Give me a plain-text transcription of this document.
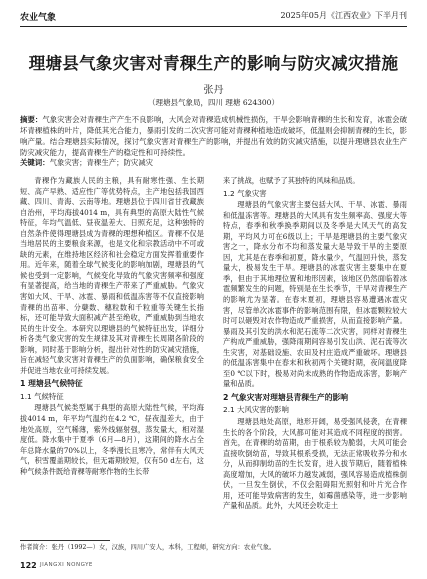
农业气象	2025年05月《江西农业》下半月刊
理塘县气象灾害对青稞生产的影响与防灾减灾措施
张丹
（理塘县气象局，四川 理塘 624300）
摘要：气象灾害会对青稞生产产生不良影响，大风会对青稞造成机械性损伤，干旱会影响青稞的生长和发育，冰雹会破坏青稞植株的叶片，降低其光合能力，暴雨引发的二次灾害可能对青稞种植地造成破坏，低温则会抑制青稞的生长，影响产量。结合理塘县实际情况，探讨气象灾害对青稞生产的影响，并提出有效的防灾减灾措施，以提升理塘县农业生产防灾减灾能力，提高青稞生产的稳定性和可持续性。
关键词：气象灾害；青稞生产；防灾减灾

青稞作为藏族人民的主粮，具有耐寒性强、生长期短、高产早熟、适应性广等优势特点，主产地包括我国西藏、四川、青海、云南等地。理塘县位于四川省甘孜藏族自治州，平均海拔4014 m，具有典型的高原大陆性气候特征，年均气温低、昼夜温差大、日照充足，这种独特的自然条件使得理塘县成为青稞的理想种植区。青稞不仅是当地居民的主要粮食来源，也是文化和宗教活动中不可或缺的元素，在维持地区经济和社会稳定方面发挥着重要作用。近年来，随着全球气候变化的影响加剧，理塘县的气候也受到一定影响，气候变化导致的气象灾害频率和强度有显著提高，给当地的青稞生产带来了严重威胁。气象灾害如大风、干旱、冰雹、暴雨和低温冻害等不仅直接影响青稞的出苗率、分蘖数、穗粒数和千粒重等关键生长指标，还可能导致大面积减产甚至绝收，严重威胁到当地农民的生计安全。本研究以理塘县的气候特征出发，详细分析各类气象灾害的发生规律及其对青稞生长周期各阶段的影响，同时基于影响分析，提出针对性的防灾减灾措施，旨在减轻气象灾害对青稞生产的负面影响，确保粮食安全并促进当地农业可持续发展。

1 理塘县气候特征
1.1 气候特征

理塘县气候类型属于典型的高原大陆性气候，平均海拔4014 m，年平均气温约在4.2 ℃，昼夜温差大，由于地处高原，空气稀薄，紫外线辐射强，蒸发量大，相对湿度低。降水集中于夏季（6月—8月），这期间的降水占全年总降水量的70%以上，冬季漫长且寒冷，常伴有大风天气，积雪覆盖期较长，但无霜期较短，仅有50 d左右，这种气候条件既给青稞等耐寒作物的生长带

来了挑战，也赋予了其独特的风味和品质。

1.2 气象灾害

理塘县的气象灾害主要包括大风、干旱、冰雹、暴雨和低温冻害等。理塘县的大风具有发生频率高、强度大等特点，春季和秋季换季期间以及冬季是大风天气的高发期，平均风力可在6级以上；干旱是理塘县的主要气象灾害之一，降水分布不均和蒸发量大是导致干旱的主要原因，尤其是在春季和初夏，降水量少，气温回升快，蒸发量大，极易发生干旱。理塘县的冰雹灾害主要集中在夏季，但由于其地理位置和地形因素，该地区仍然面临着冰雹频繁发生的问题，特别是在生长季节，干旱对青稞生产的影响尤为显著。在春末夏初，理塘县容易遭遇冰雹灾害，尽管单次冰雹事件的影响范围有限，但冰雹颗粒较大时可以砸毁对农作物造成严重损害，从而直接影响产量。暴雨及其引发的洪水和泥石流等二次灾害，同样对青稞生产构成严重威胁，强降雨期间容易引发山洪、泥石流等次生灾害，对基础设施、农田及村庄造成严重破坏。理塘县的低温冻害集中在春末和秋初两个关键时期，夜间温度降至0 ℃以下时，极易对尚未成熟的作物造成冻害，影响产量和品质。

2 气象灾害对理塘县青稞生产的影响
2.1 大风灾害的影响

理塘县地处高原，地形开阔，易受强风侵袭，在青稞生长的各个阶段，大风都可能对其造成不同程度的损害。首先，在青稞的幼苗期，由于根系较为脆弱，大风可能会直接吹倒幼苗，导致其根系受损，无法正常吸收养分和水分，从而抑制幼苗的生长发育，进入拔节期后，随着植株高度增加，大风的破坏力越发减弱，强风容易造成植株倒伏，一旦发生倒伏，不仅会阻碍阳光照射和叶片光合作用，还可能导致病害的发生，如霉菌感染等，进一步影响产量和品质。此外，大风还会吹走土

作者简介：张丹（1992—）女，汉族，四川广安人，本科，工程师，研究方向：农业气象。
122 JIANGXI NONGYE
